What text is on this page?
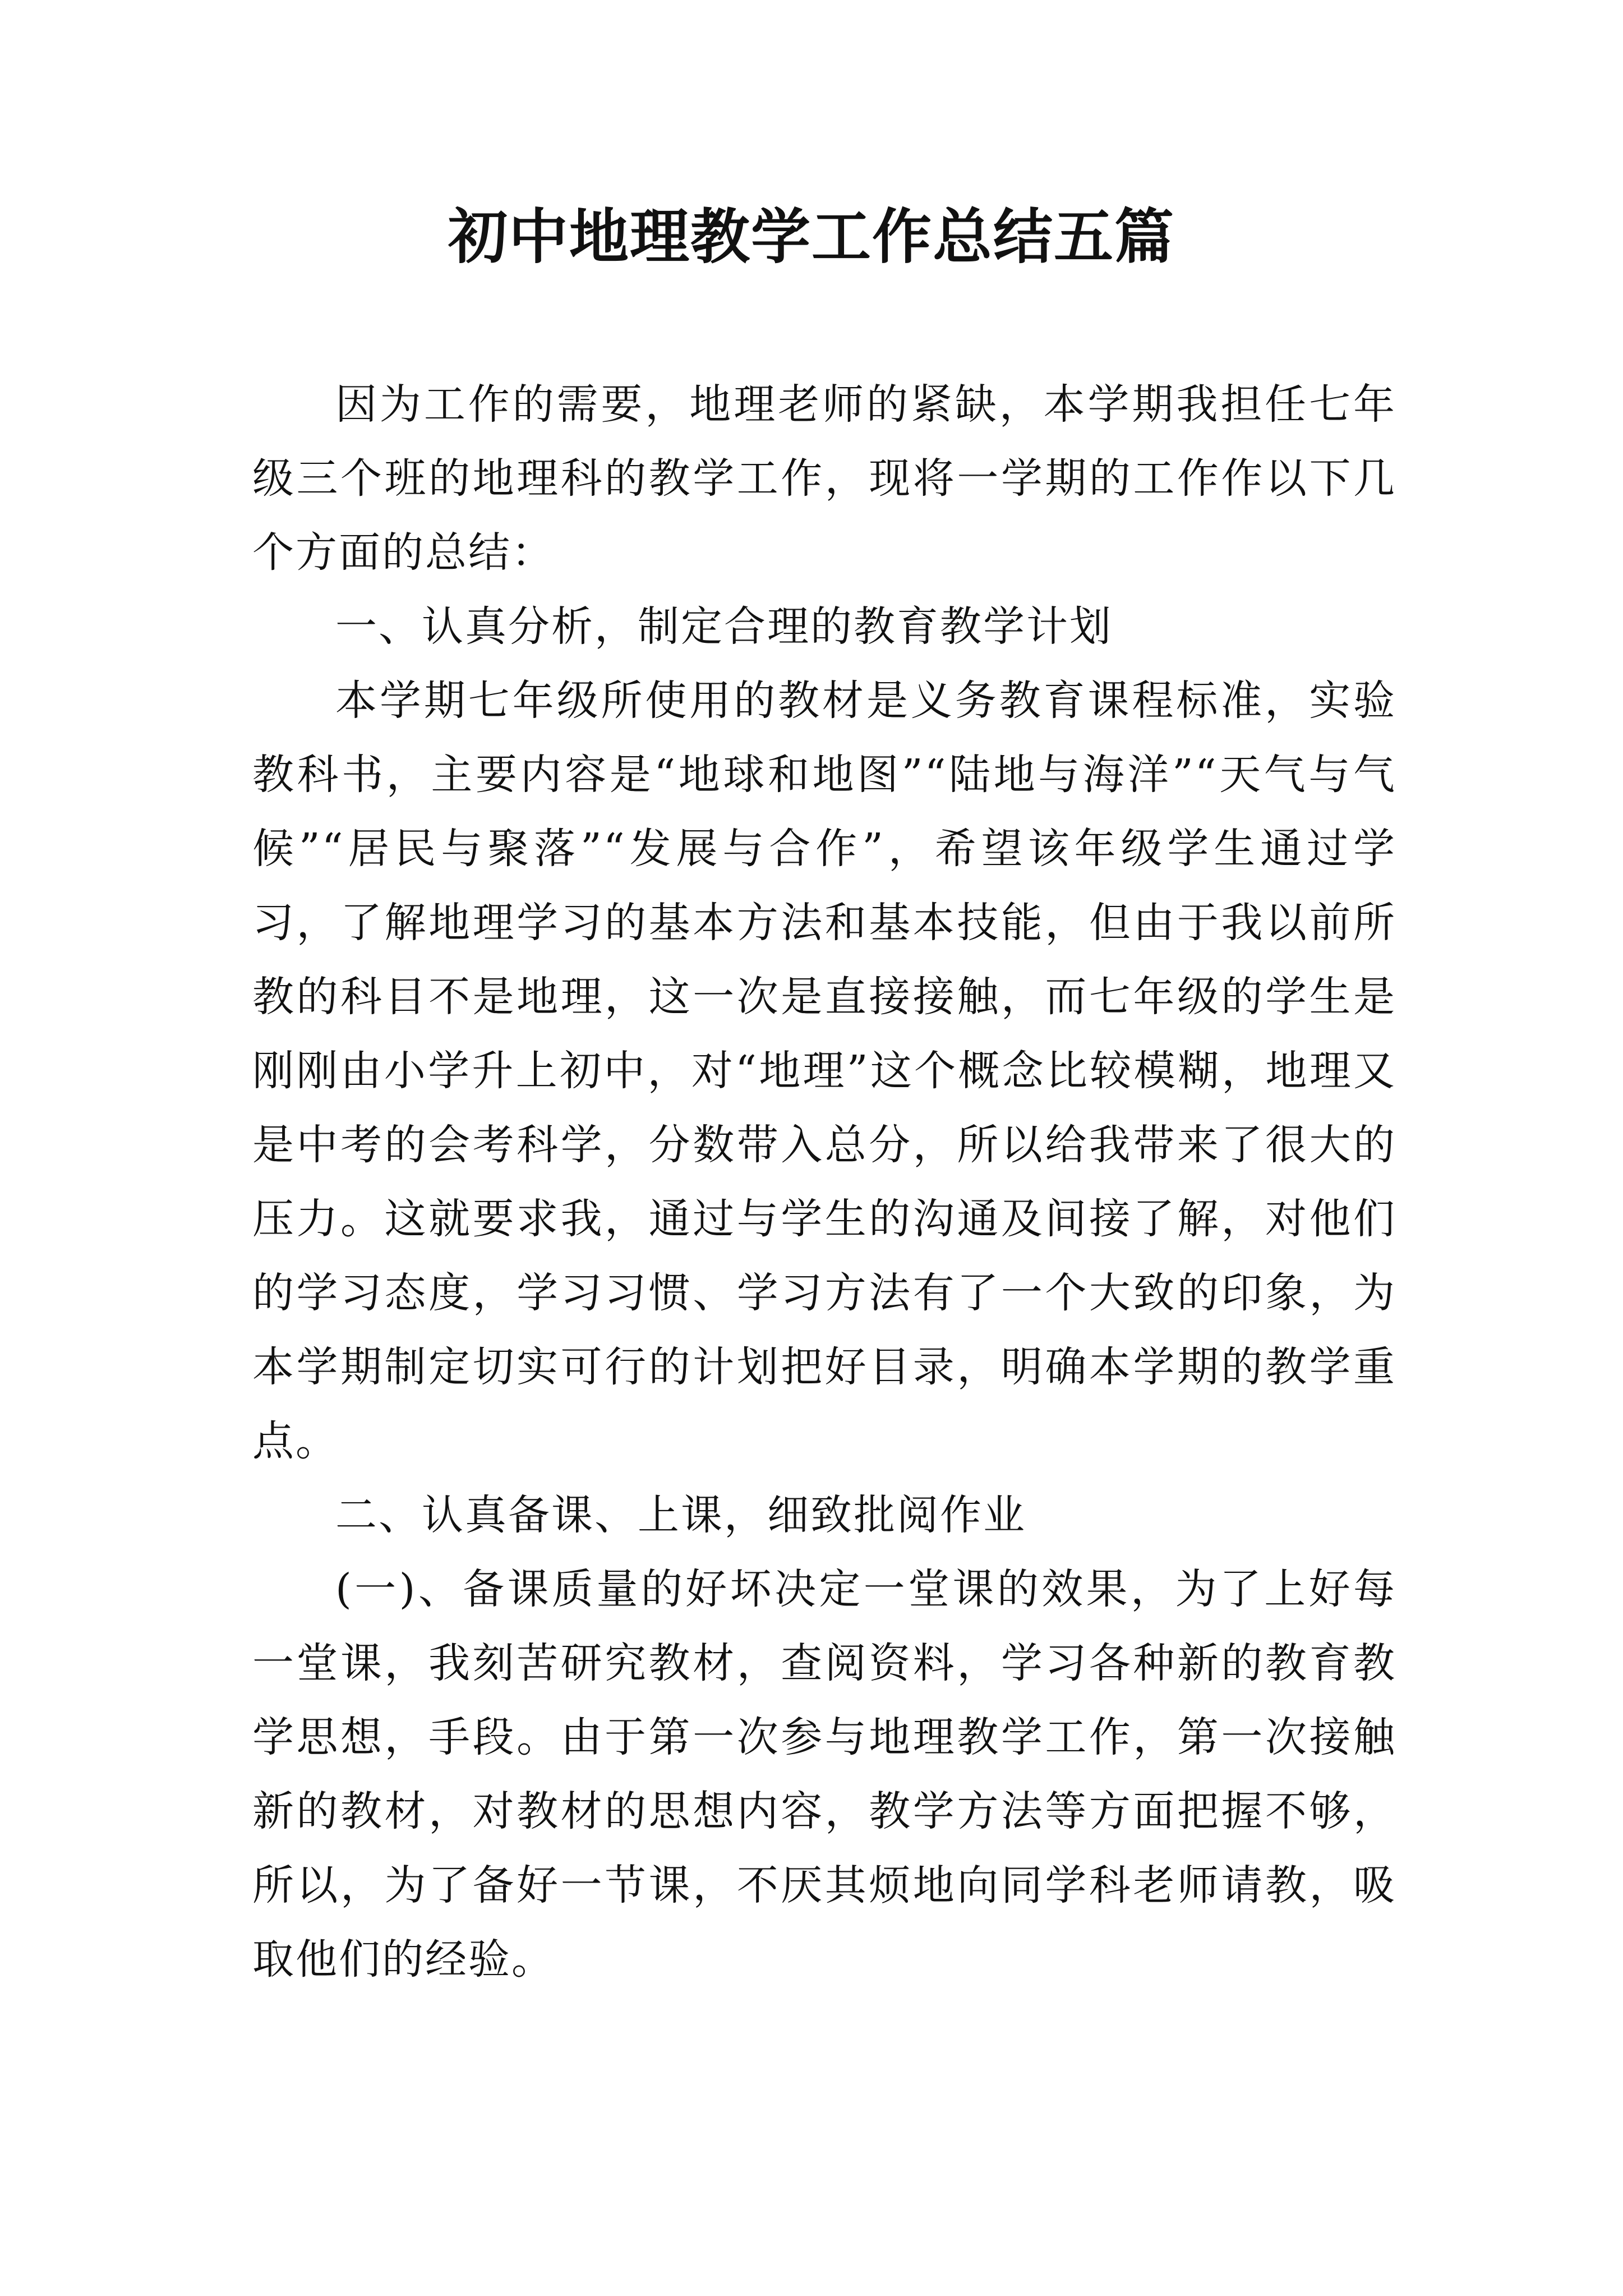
初中地理教学工作总结五篇

因为工作的需要，地理老师的紧缺，本学期我担任七年级三个班的地理科的教学工作，现将一学期的工作作以下几个方面的总结：

一、认真分析，制定合理的教育教学计划

本学期七年级所使用的教材是义务教育课程标准，实验教科书，主要内容是“地球和地图”“陆地与海洋”“天气与气候”“居民与聚落”“发展与合作”，希望该年级学生通过学习，了解地理学习的基本方法和基本技能，但由于我以前所教的科目不是地理，这一次是直接接触，而七年级的学生是刚刚由小学升上初中，对“地理”这个概念比较模糊，地理又是中考的会考科学，分数带入总分，所以给我带来了很大的压力。这就要求我，通过与学生的沟通及间接了解，对他们的学习态度，学习习惯、学习方法有了一个大致的印象，为本学期制定切实可行的计划把好目录，明确本学期的教学重点。

二、认真备课、上课，细致批阅作业

(一)、备课质量的好坏决定一堂课的效果，为了上好每一堂课，我刻苦研究教材，查阅资料，学习各种新的教育教学思想，手段。由于第一次参与地理教学工作，第一次接触新的教材，对教材的思想内容，教学方法等方面把握不够，所以，为了备好一节课，不厌其烦地向同学科老师请教，吸取他们的经验。
